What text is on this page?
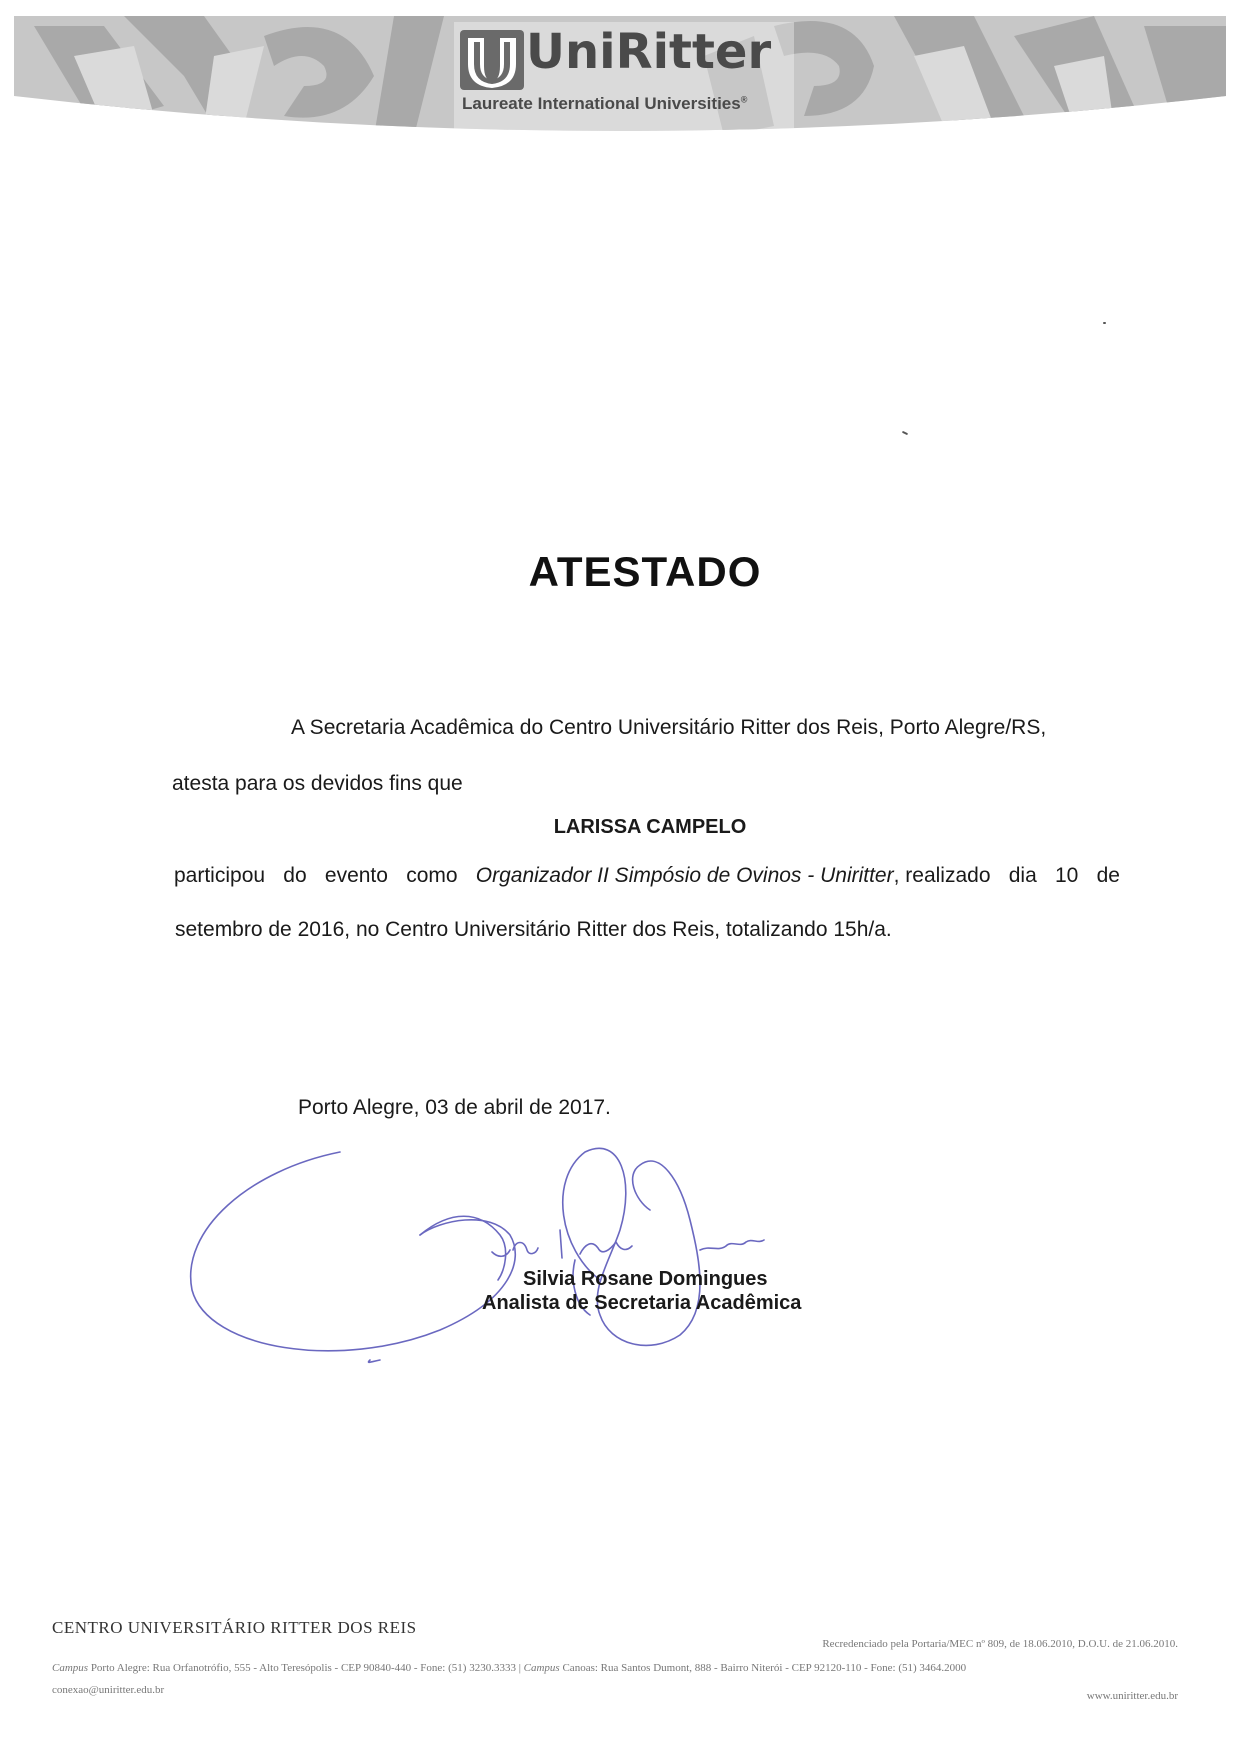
UniRitter
Laureate International Universities®
ATESTADO
A Secretaria Acadêmica do Centro Universitário Ritter dos Reis, Porto Alegre/RS,
atesta para os devidos fins que
LARISSA CAMPELO
participou do evento como Organizador II Simpósio de Ovinos - Uniritter, realizado dia 10 de
setembro de 2016, no Centro Universitário Ritter dos Reis, totalizando 15h/a.
Porto Alegre, 03 de abril de 2017.
Silvia Rosane Domingues
Analista de Secretaria Acadêmica
CENTRO UNIVERSITÁRIO RITTER DOS REIS
Recredenciado pela Portaria/MEC nº 809, de 18.06.2010, D.O.U. de 21.06.2010.
Campus Porto Alegre: Rua Orfanotrófio, 555 - Alto Teresópolis - CEP 90840-440 - Fone: (51) 3230.3333 | Campus Canoas: Rua Santos Dumont, 888 - Bairro Niterói - CEP 92120-110 - Fone: (51) 3464.2000
conexao@uniritter.edu.br	www.uniritter.edu.br
